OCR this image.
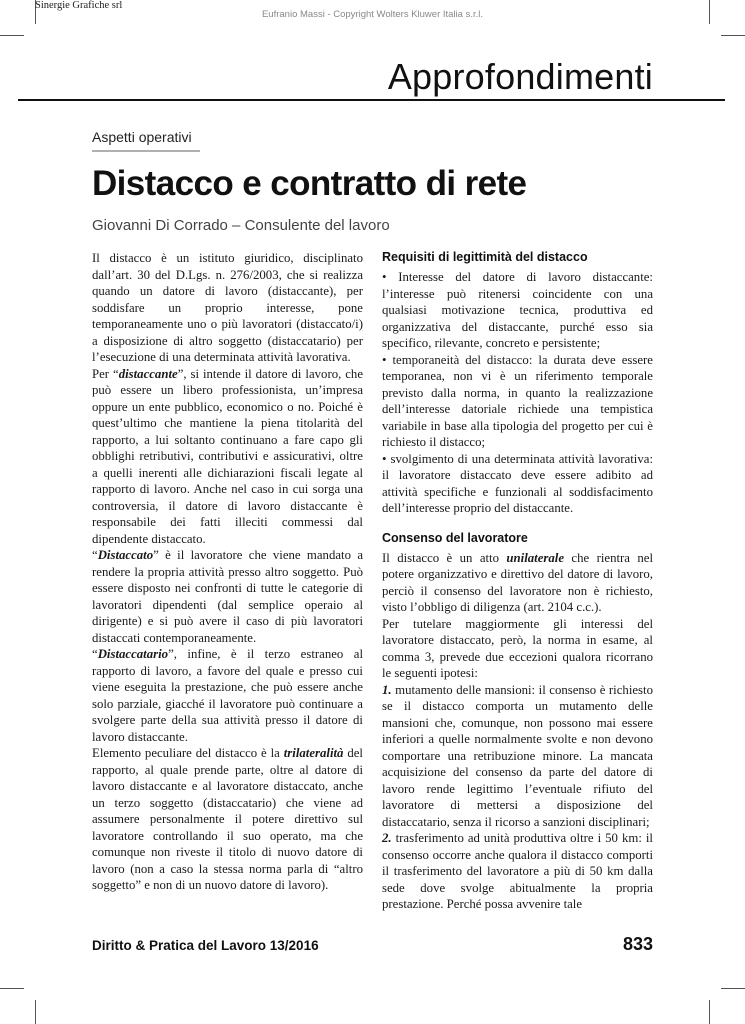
Sinergie Grafiche srl
Eufranio Massi - Copyright Wolters Kluwer Italia s.r.l.
Approfondimenti
Aspetti operativi
Distacco e contratto di rete
Giovanni Di Corrado – Consulente del lavoro

Il distacco è un istituto giuridico, disciplinato dall’art. 30 del D.Lgs. n. 276/2003, che si realizza quando un datore di lavoro (distaccante), per soddisfare un proprio interesse, pone temporaneamente uno o più lavoratori (distaccato/i) a disposizione di altro soggetto (distaccatario) per l’esecuzione di una determinata attività lavorativa.

Per “distaccante”, si intende il datore di lavoro, che può essere un libero professionista, un’impresa oppure un ente pubblico, economico o no. Poiché è quest’ultimo che mantiene la piena titolarità del rapporto, a lui soltanto continuano a fare capo gli obblighi retributivi, contributivi e assicurativi, oltre a quelli inerenti alle dichiarazioni fiscali legate al rapporto di lavoro. Anche nel caso in cui sorga una controversia, il datore di lavoro distaccante è responsabile dei fatti illeciti commessi dal dipendente distaccato.

“Distaccato” è il lavoratore che viene mandato a rendere la propria attività presso altro soggetto. Può essere disposto nei confronti di tutte le categorie di lavoratori dipendenti (dal semplice operaio al dirigente) e si può avere il caso di più lavoratori distaccati contemporaneamente.

“Distaccatario”, infine, è il terzo estraneo al rapporto di lavoro, a favore del quale e presso cui viene eseguita la prestazione, che può essere anche solo parziale, giacché il lavoratore può continuare a svolgere parte della sua attività presso il datore di lavoro distaccante.

Elemento peculiare del distacco è la trilateralità del rapporto, al quale prende parte, oltre al datore di lavoro distaccante e al lavoratore distaccato, anche un terzo soggetto (distaccatario) che viene ad assumere personalmente il potere direttivo sul lavoratore controllando il suo operato, ma che comunque non riveste il titolo di nuovo datore di lavoro (non a caso la stessa norma parla di “altro soggetto” e non di un nuovo datore di lavoro).

Requisiti di legittimità del distacco

• Interesse del datore di lavoro distaccante: l’interesse può ritenersi coincidente con una qualsiasi motivazione tecnica, produttiva ed organizzativa del distaccante, purché esso sia specifico, rilevante, concreto e persistente;

• temporaneità del distacco: la durata deve essere temporanea, non vi è un riferimento temporale previsto dalla norma, in quanto la realizzazione dell’interesse datoriale richiede una tempistica variabile in base alla tipologia del progetto per cui è richiesto il distacco;

• svolgimento di una determinata attività lavorativa: il lavoratore distaccato deve essere adibito ad attività specifiche e funzionali al soddisfacimento dell’interesse proprio del distaccante.

Consenso del lavoratore

Il distacco è un atto unilaterale che rientra nel potere organizzativo e direttivo del datore di lavoro, perciò il consenso del lavoratore non è richiesto, visto l’obbligo di diligenza (art. 2104 c.c.).

Per tutelare maggiormente gli interessi del lavoratore distaccato, però, la norma in esame, al comma 3, prevede due eccezioni qualora ricorrano le seguenti ipotesi:

1. mutamento delle mansioni: il consenso è richiesto se il distacco comporta un mutamento delle mansioni che, comunque, non possono mai essere inferiori a quelle normalmente svolte e non devono comportare una retribuzione minore. La mancata acquisizione del consenso da parte del datore di lavoro rende legittimo l’eventuale rifiuto del lavoratore di mettersi a disposizione del distaccatario, senza il ricorso a sanzioni disciplinari;

2. trasferimento ad unità produttiva oltre i 50 km: il consenso occorre anche qualora il distacco comporti il trasferimento del lavoratore a più di 50 km dalla sede dove svolge abitualmente la propria prestazione. Perché possa avvenire tale

Diritto & Pratica del Lavoro 13/2016	833
